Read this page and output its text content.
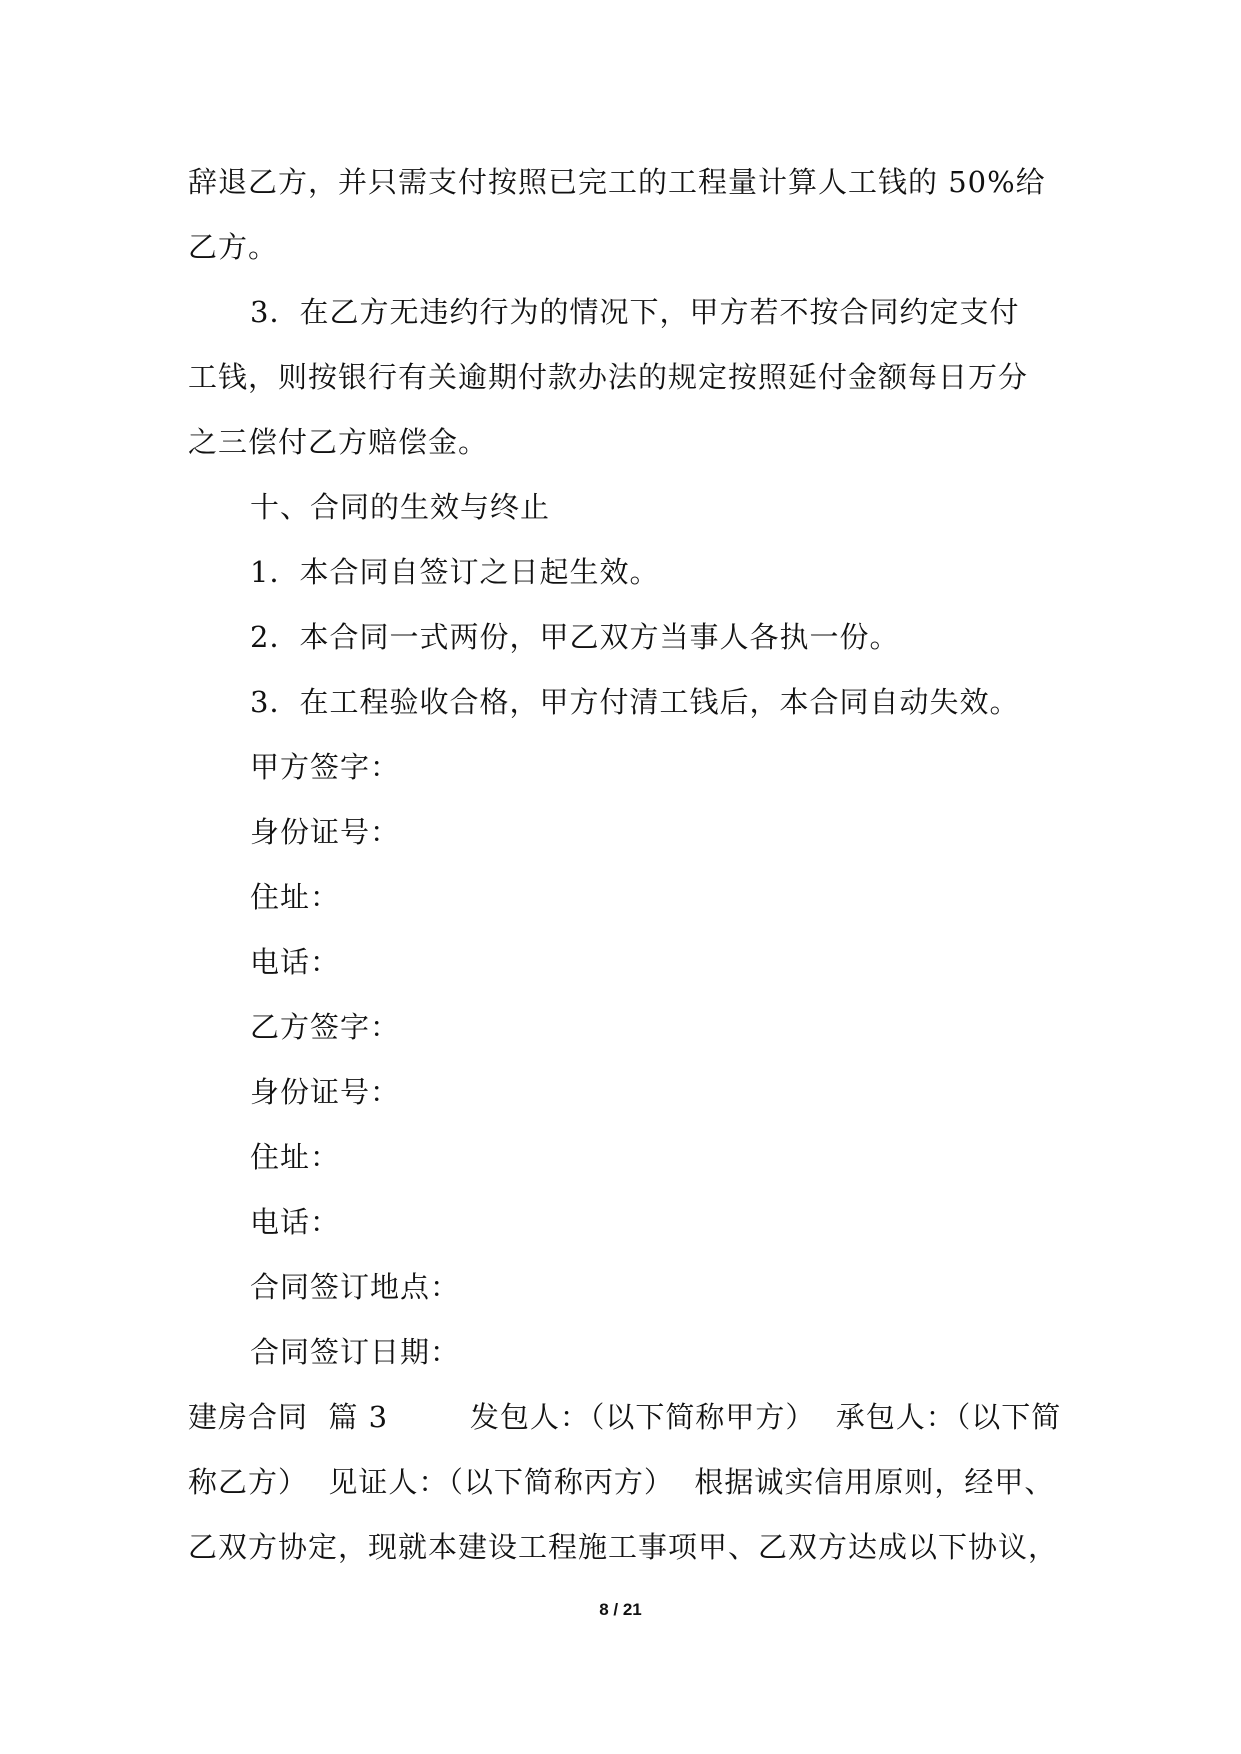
辞退乙方，并只需支付按照已完工的工程量计算人工钱的 50%给
乙方。
3．在乙方无违约行为的情况下，甲方若不按合同约定支付
工钱，则按银行有关逾期付款办法的规定按照延付金额每日万分
之三偿付乙方赔偿金。
十、合同的生效与终止
1．本合同自签订之日起生效。
2．本合同一式两份，甲乙双方当事人各执一份。
3．在工程验收合格，甲方付清工钱后，本合同自动失效。
甲方签字：
身份证号：
住址：
电话：
乙方签字：
身份证号：
住址：
电话：
合同签订地点：
合同签订日期：
建房合同  篇 3        发包人：（以下简称甲方）  承包人：（以下简
称乙方）  见证人：（以下简称丙方）  根据诚实信用原则，经甲、
乙双方协定，现就本建设工程施工事项甲、乙双方达成以下协议，
8 / 21
